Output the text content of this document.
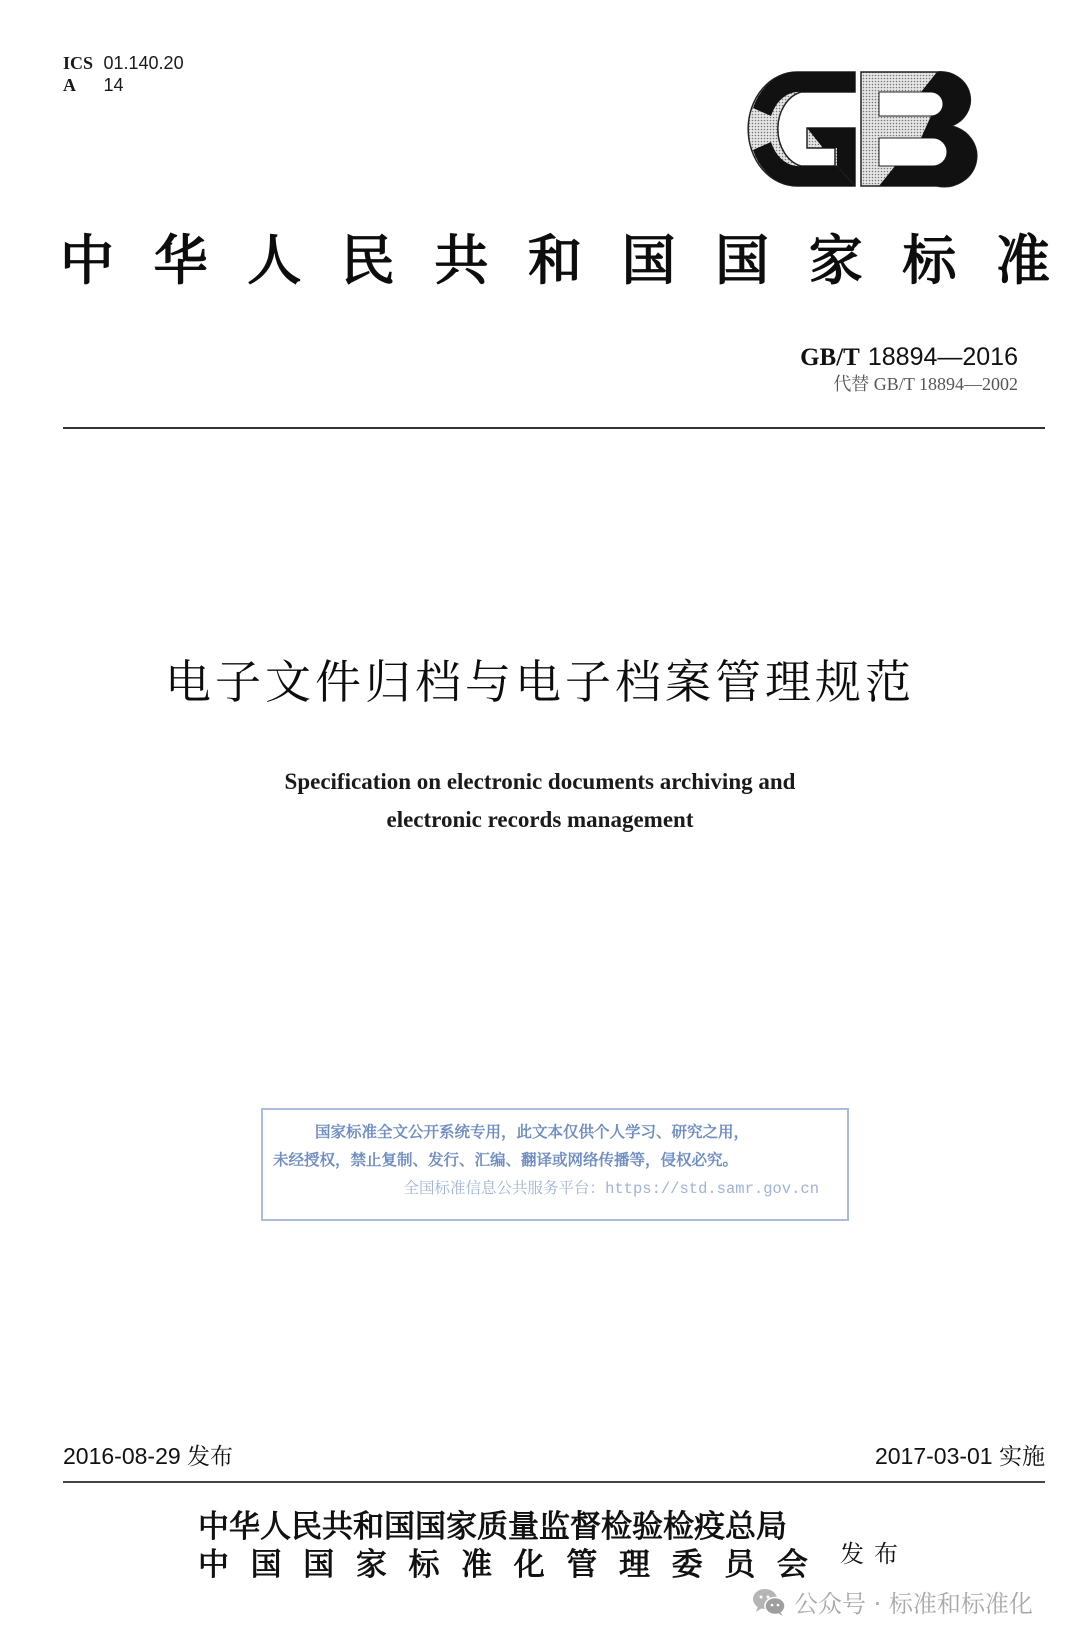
ICS 01.140.20
A 14
中 华 人 民 共 和 国 国 家 标 准
GB/T 18894—2016
代替 GB/T 18894—2002
电子文件归档与电子档案管理规范
Specification on electronic documents archiving and
electronic records management
国家标准全文公开系统专用，此文本仅供个人学习、研究之用，
未经授权，禁止复制、发行、汇编、翻译或网络传播等，侵权必究。
全国标准信息公共服务平台：https://std.samr.gov.cn
2016-08-29 发布	2017-03-01 实施
中华人民共和国国家质量监督检验检疫总局
中 国 国 家 标 准 化 管 理 委 员 会 发布
公众号 · 标准和标准化
